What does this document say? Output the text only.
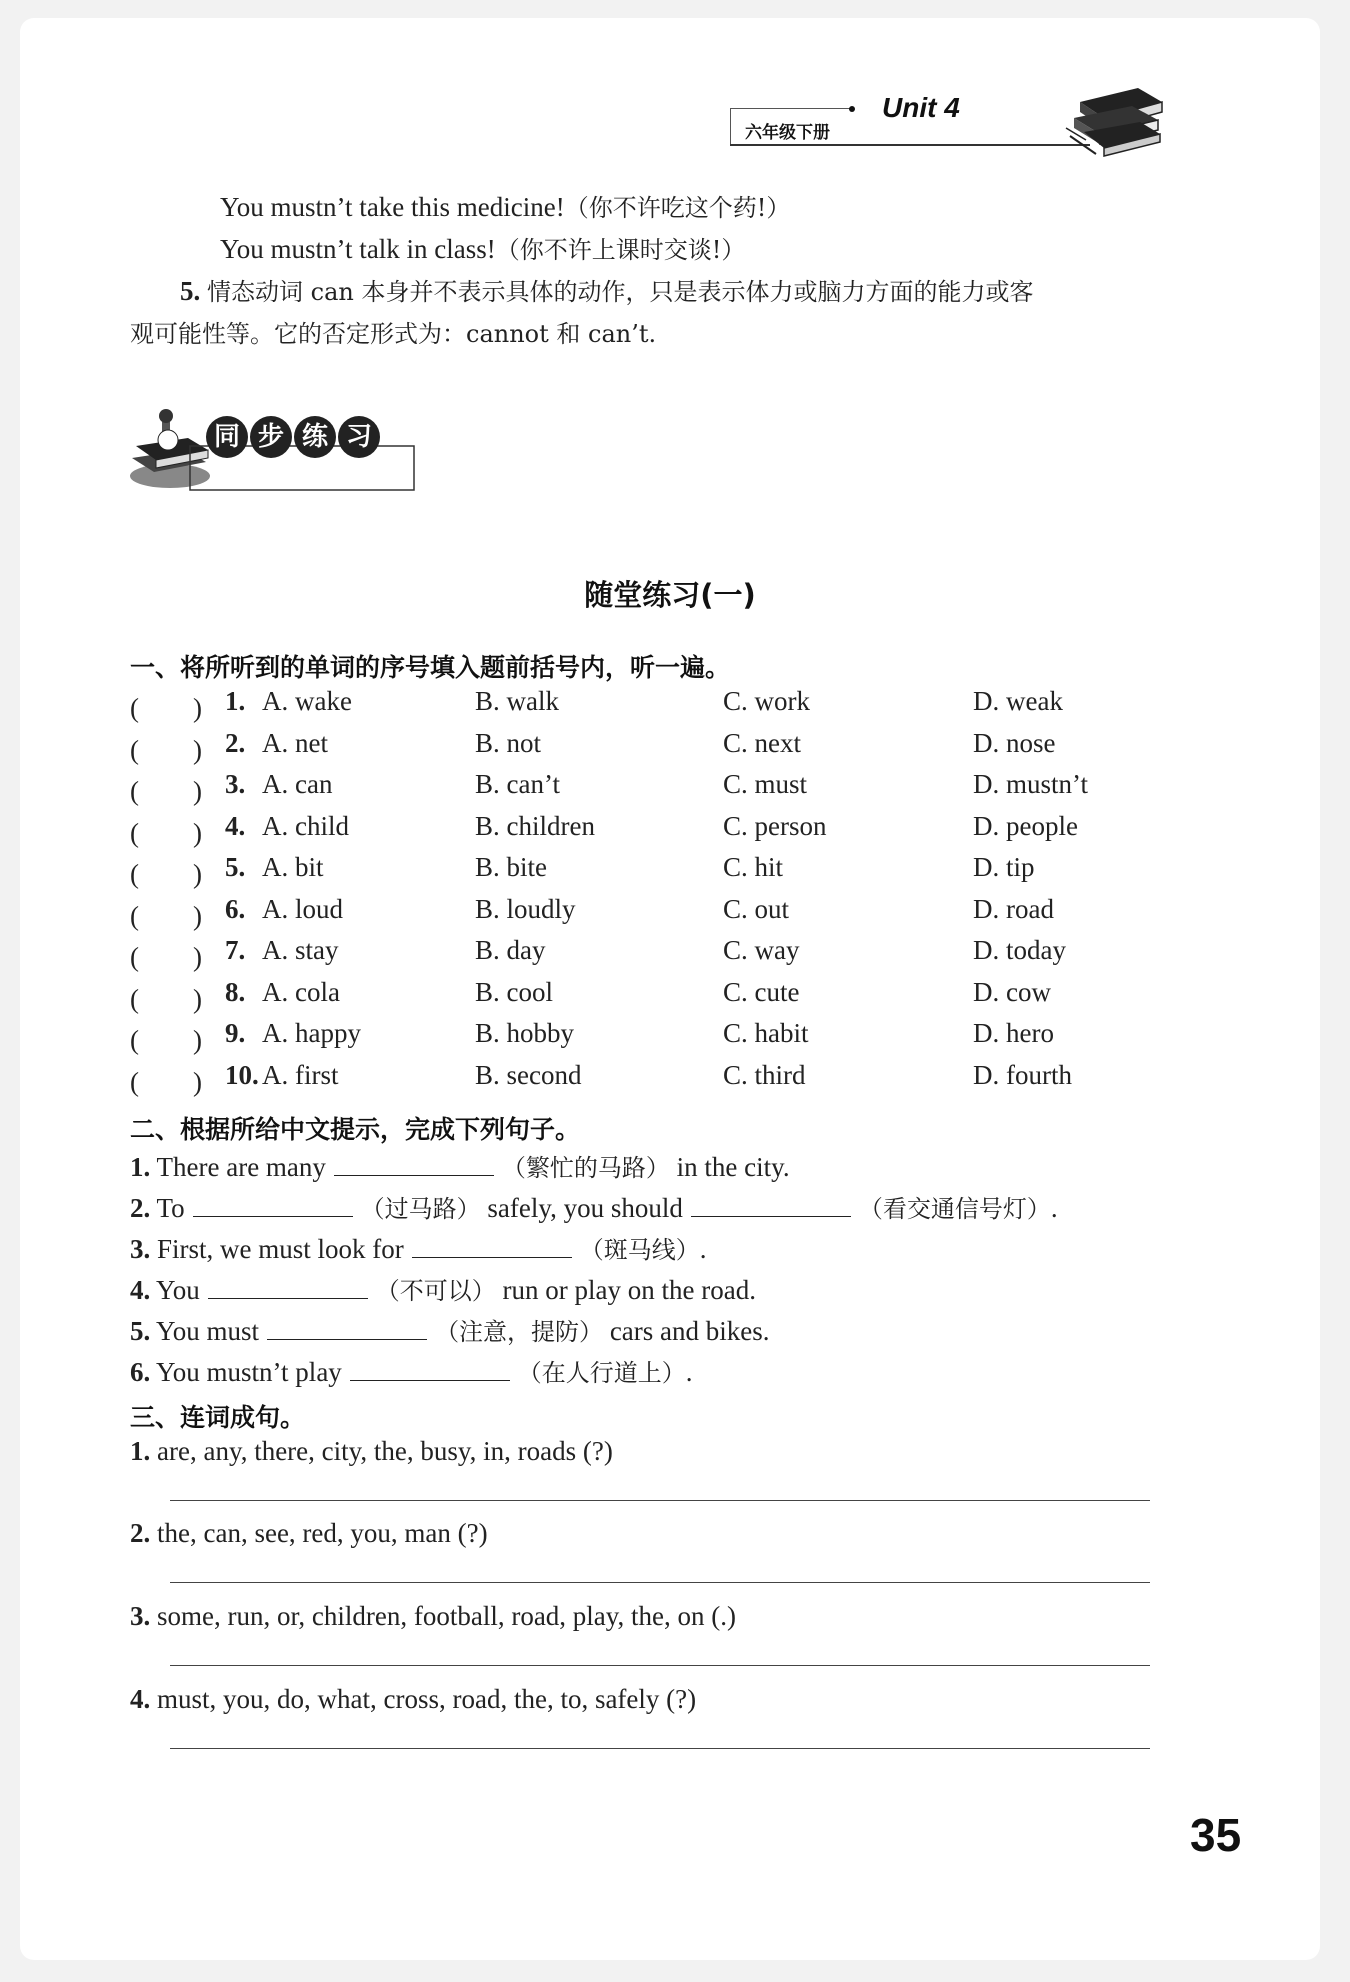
六年级下册
Unit 4
You mustn’t take this medicine!（你不许吃这个药!）
You mustn’t talk in class!（你不许上课时交谈!）
5. 情态动词 can 本身并不表示具体的动作，只是表示体力或脑力方面的能力或客
观可能性等。它的否定形式为：cannot 和 can’t.
同 步 练 习
随堂练习(一)
一、将所听到的单词的序号填入题前括号内，听一遍。
(　　) 1. A. wake	B. walk	C. work	D. weak
(　　) 2. A. net	B. not	C. next	D. nose
(　　) 3. A. can	B. can’t	C. must	D. mustn’t
(　　) 4. A. child	B. children	C. person	D. people
(　　) 5. A. bit	B. bite	C. hit	D. tip
(　　) 6. A. loud	B. loudly	C. out	D. road
(　　) 7. A. stay	B. day	C. way	D. today
(　　) 8. A. cola	B. cool	C. cute	D. cow
(　　) 9. A. happy	B. hobby	C. habit	D. hero
(　　) 10. A. first	B. second	C. third	D. fourth
二、根据所给中文提示，完成下列句子。
1. There are many	（繁忙的马路） in the city.
2. To	（过马路） safely, you should	（看交通信号灯）.
3. First, we must look for	（斑马线）.
4. You	（不可以） run or play on the road.
5. You must	（注意，提防） cars and bikes.
6. You mustn’t play	（在人行道上）.
三、连词成句。
1. are, any, there, city, the, busy, in, roads (?)
2. the, can, see, red, you, man (?)
3. some, run, or, children, football, road, play, the, on (.)
4. must, you, do, what, cross, road, the, to, safely (?)
35
